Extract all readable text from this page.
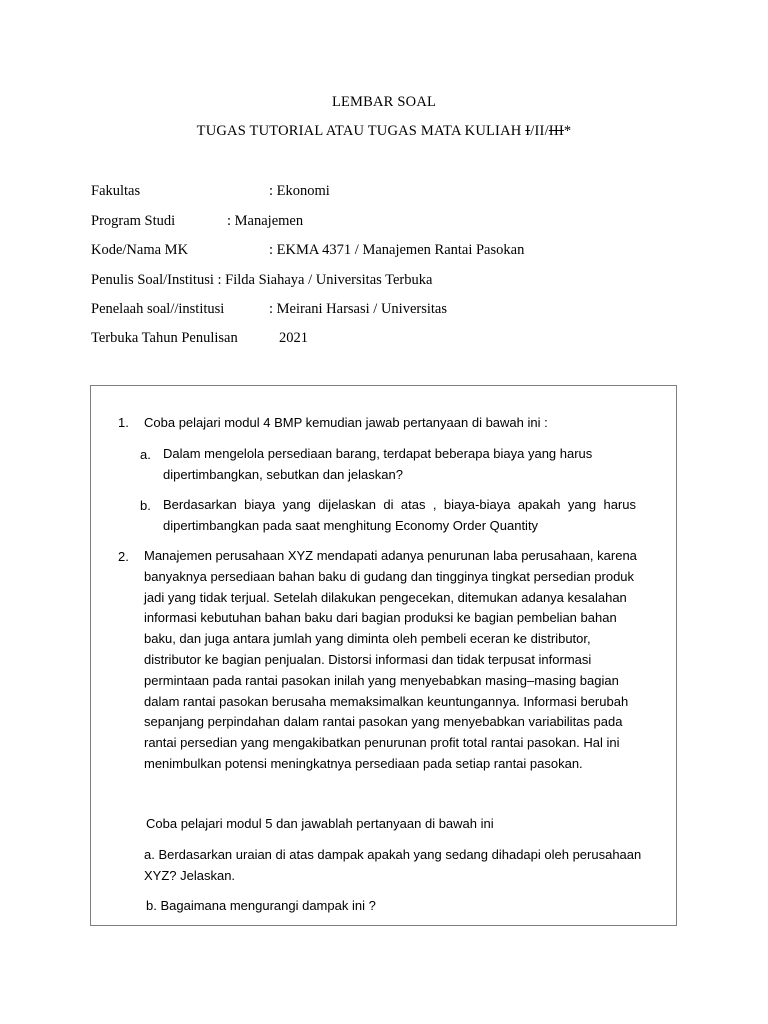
LEMBAR SOAL
TUGAS TUTORIAL ATAU TUGAS MATA KULIAH I/II/III*
Fakultas	: Ekonomi
Program Studi	: Manajemen
Kode/Nama MK	: EKMA 4371 / Manajemen Rantai Pasokan
Penulis Soal/Institusi : Filda Siahaya / Universitas Terbuka
Penelaah soal//institusi	: Meirani Harsasi / Universitas
Terbuka Tahun Penulisan	2021
1. Coba pelajari modul 4 BMP kemudian jawab pertanyaan di bawah ini :
a. Dalam mengelola persediaan barang, terdapat beberapa biaya yang harus dipertimbangkan, sebutkan dan jelaskan?

b. Berdasarkan biaya yang dijelaskan di atas , biaya-biaya apakah yang harus dipertimbangkan pada saat menghitung Economy Order Quantity

2. Manajemen perusahaan XYZ mendapati adanya penurunan laba perusahaan, karena banyaknya persediaan bahan baku di gudang dan tingginya tingkat persedian produk jadi yang tidak terjual. Setelah dilakukan pengecekan, ditemukan adanya kesalahan informasi kebutuhan bahan baku dari bagian produksi ke bagian pembelian bahan baku, dan juga antara jumlah yang diminta oleh pembeli eceran ke distributor, distributor ke bagian penjualan. Distorsi informasi dan tidak terpusat informasi permintaan pada rantai pasokan inilah yang menyebabkan masing–masing bagian dalam rantai pasokan berusaha memaksimalkan keuntungannya. Informasi berubah sepanjang perpindahan dalam rantai pasokan yang menyebabkan variabilitas pada rantai persedian yang mengakibatkan penurunan profit total rantai pasokan. Hal ini menimbulkan potensi meningkatnya persediaan pada setiap rantai pasokan.

Coba pelajari modul 5 dan jawablah pertanyaan di bawah ini

a. Berdasarkan uraian di atas dampak apakah yang sedang dihadapi oleh perusahaan XYZ? Jelaskan.

b. Bagaimana mengurangi dampak ini ?
